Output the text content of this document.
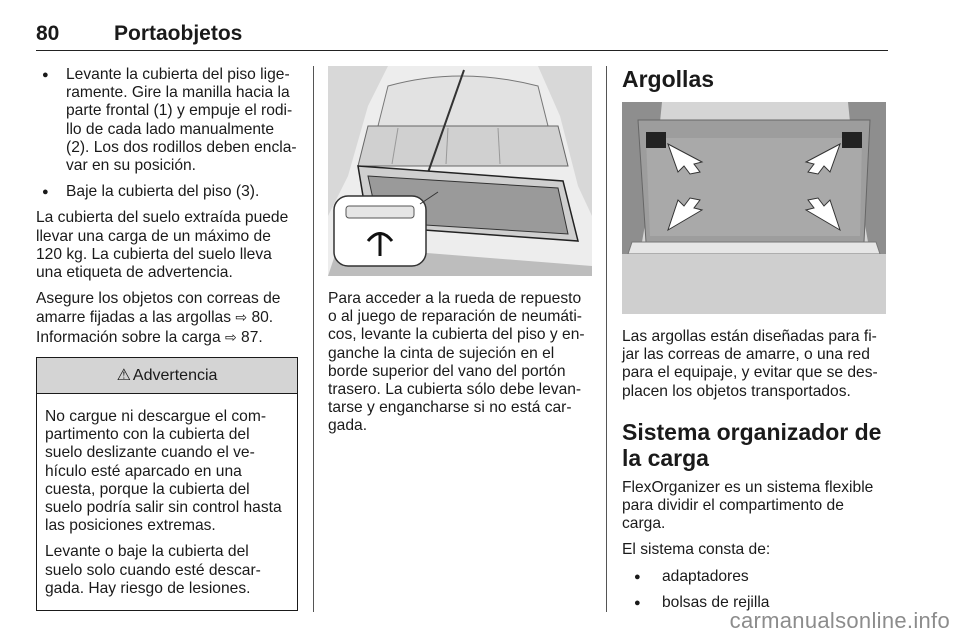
80	Portaobjetos
● Levante la cubierta del piso lige-ramente. Gire la manilla hacia la parte frontal (1) y empuje el rodi-llo de cada lado manualmente (2). Los dos rodillos deben encla-var en su posición.
● Baje la cubierta del piso (3).

La cubierta del suelo extraída puede llevar una carga de un máximo de 120 kg. La cubierta del suelo lleva una etiqueta de advertencia.

Asegure los objetos con correas de amarre fijadas a las argollas ⇨ 80.
Información sobre la carga ⇨ 87.

⚠ Advertencia

No cargue ni descargue el com-partimento con la cubierta del suelo deslizante cuando el ve-hículo esté aparcado en una cuesta, porque la cubierta del suelo podría salir sin control hasta las posiciones extremas.

Levante o baje la cubierta del suelo solo cuando esté descar-gada. Hay riesgo de lesiones.

Para acceder a la rueda de repuesto o al juego de reparación de neumáti-cos, levante la cubierta del piso y en-ganche la cinta de sujeción en el borde superior del vano del portón trasero. La cubierta sólo debe levan-tarse y engancharse si no está car-gada.

Argollas

Las argollas están diseñadas para fi-jar las correas de amarre, o una red para el equipaje, y evitar que se des-placen los objetos transportados.

Sistema organizador de la carga

FlexOrganizer es un sistema flexible para dividir el compartimento de carga.

El sistema consta de:

● adaptadores
● bolsas de rejilla
carmanualsonline.info
